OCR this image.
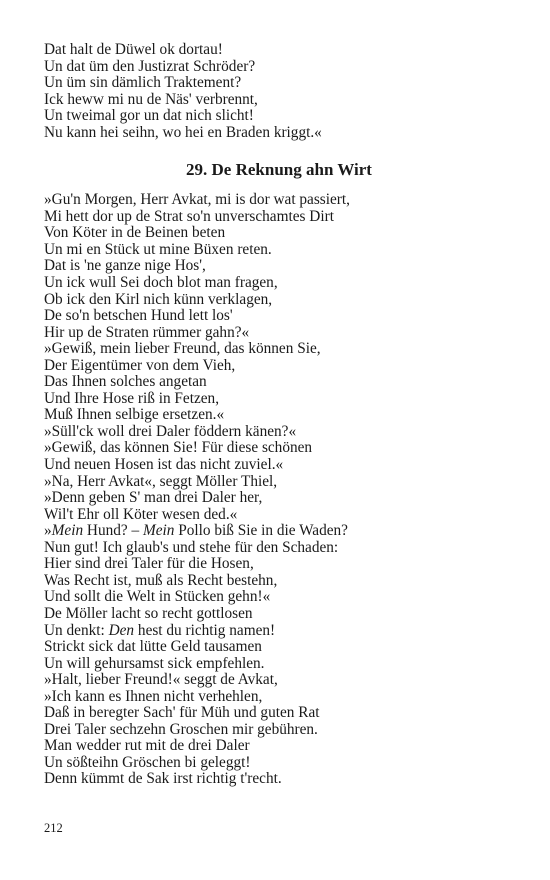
Dat halt de Düwel ok dortau!
Un dat üm den Justizrat Schröder?
Un üm sin dämlich Traktement?
Ick heww mi nu de Näs' verbrennt,
Un tweimal gor un dat nich slicht!
Nu kann hei seihn, wo hei en Braden kriggt.«
29. De Reknung ahn Wirt
»Gu'n Morgen, Herr Avkat, mi is dor wat passiert,
Mi hett dor up de Strat so'n unverschamtes Dirt
Von Köter in de Beinen beten
Un mi en Stück ut mine Büxen reten.
Dat is 'ne ganze nige Hos',
Un ick wull Sei doch blot man fragen,
Ob ick den Kirl nich künn verklagen,
De so'n betschen Hund lett los'
Hir up de Straten rümmer gahn?«
»Gewiß, mein lieber Freund, das können Sie,
Der Eigentümer von dem Vieh,
Das Ihnen solches angetan
Und Ihre Hose riß in Fetzen,
Muß Ihnen selbige ersetzen.«
»Süll'ck woll drei Daler föddern känen?«
»Gewiß, das können Sie! Für diese schönen
Und neuen Hosen ist das nicht zuviel.«
»Na, Herr Avkat«, seggt Möller Thiel,
»Denn geben S' man drei Daler her,
Wil't Ehr oll Köter wesen ded.«
»Mein Hund? – Mein Pollo biß Sie in die Waden?
Nun gut! Ich glaub's und stehe für den Schaden:
Hier sind drei Taler für die Hosen,
Was Recht ist, muß als Recht bestehn,
Und sollt die Welt in Stücken gehn!«
De Möller lacht so recht gottlosen
Un denkt: Den hest du richtig namen!
Strickt sick dat lütte Geld tausamen
Un will gehursamst sick empfehlen.
»Halt, lieber Freund!« seggt de Avkat,
»Ich kann es Ihnen nicht verhehlen,
Daß in beregter Sach' für Müh und guten Rat
Drei Taler sechzehn Groschen mir gebühren.
Man wedder rut mit de drei Daler
Un sößteihn Gröschen bi geleggt!
Denn kümmt de Sak irst richtig t'recht.
212
